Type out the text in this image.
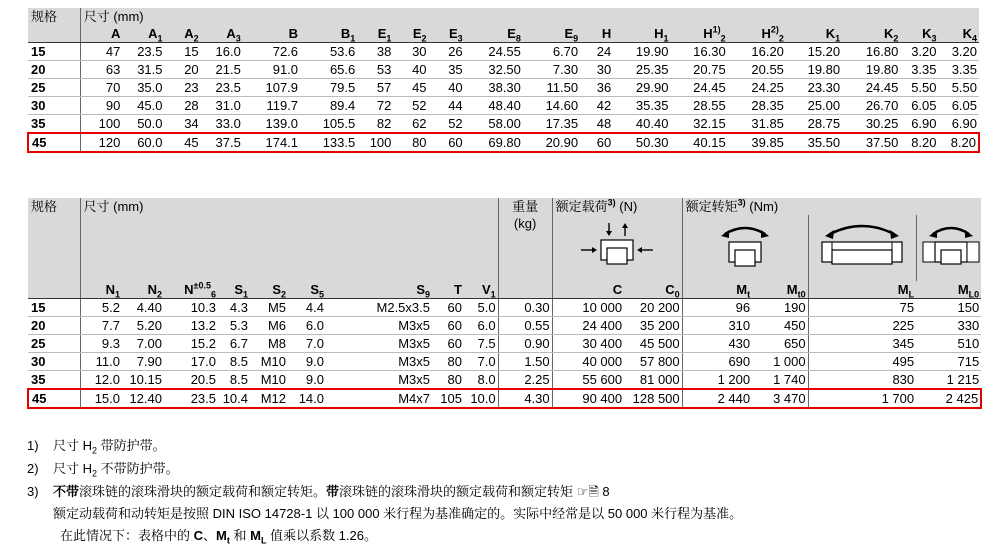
规格	尺寸 (mm)																		
	A	$A_1$	$A_2$	$A_3$	B	$B_1$	$E_1$	$E_2$	$E_3$	$E_8$	$E_9$	H	$H_1$	$H^{1)}_2$	$H^{2)}_2$	$K_1$	$K_2$	$K_3$	$K_4$
15	47	23.5	15	16.0	72.6	53.6	38	30	26	24.55	6.70	24	19.90	16.30	16.20	15.20	16.80	3.20	3.20
20	63	31.5	20	21.5	91.0	65.6	53	40	35	32.50	7.30	30	25.35	20.75	20.55	19.80	19.80	3.35	3.35
25	70	35.0	23	23.5	107.9	79.5	57	45	40	38.30	11.50	36	29.90	24.45	24.25	23.30	24.45	5.50	5.50
30	90	45.0	28	31.0	119.7	89.4	72	52	44	48.40	14.60	42	35.35	28.55	28.35	25.00	26.70	6.05	6.05
35	100	50.0	34	33.0	139.0	105.5	82	62	52	58.00	17.35	48	40.40	32.15	31.85	28.75	30.25	6.90	6.90
45	120	60.0	45	37.5	174.1	133.5	100	80	60	69.80	20.90	60	50.30	40.15	39.85	35.50	37.50	8.20	8.20
规格	尺寸 (mm)									重量	额定载荷$^{3)}$ (N)		额定转矩$^{3)}$ (Nm)			
										(kg)				
	$N_1$	$N_2$	$N^{\pm 0.5}_6$	$S_1$	$S_2$	$S_5$	$S_9$	T	$V_1$		C	$C_0$	$M_t$	$M_{t0}$	$M_L$	$M_{L0}$
15	5.2	4.40	10.3	4.3	M5	4.4	M2.5x3.5	60	5.0	0.30	10 000	20 200	96	190	75	150
20	7.7	5.20	13.2	5.3	M6	6.0	M3x5	60	6.0	0.55	24 400	35 200	310	450	225	330
25	9.3	7.00	15.2	6.7	M8	7.0	M3x5	60	7.5	0.90	30 400	45 500	430	650	345	510
30	11.0	7.90	17.0	8.5	M10	9.0	M3x5	80	7.0	1.50	40 000	57 800	690	1 000	495	715
35	12.0	10.15	20.5	8.5	M10	9.0	M3x5	80	8.0	2.25	55 600	81 000	1 200	1 740	830	1 215
45	15.0	12.40	23.5	10.4	M12	14.0	M4x7	105	10.0	4.30	90 400	128 500	2 440	3 470	1 700	2 425
1) 尺寸 $H_2$ 带防护带。
2) 尺寸 $H_2$ 不带防护带。
3) 不带滚珠链的滚珠滑块的额定载荷和额定转矩。带滚珠链的滚珠滑块的额定载荷和额定转矩 ☞🗎 8
额定动载荷和动转矩是按照 DIN ISO 14728-1 以 100 000 米行程为基准确定的。实际中经常是以 50 000 米行程为基准。
在此情况下：表格中的 C、$M_t$ 和 $M_L$ 值乘以系数 1.26。
